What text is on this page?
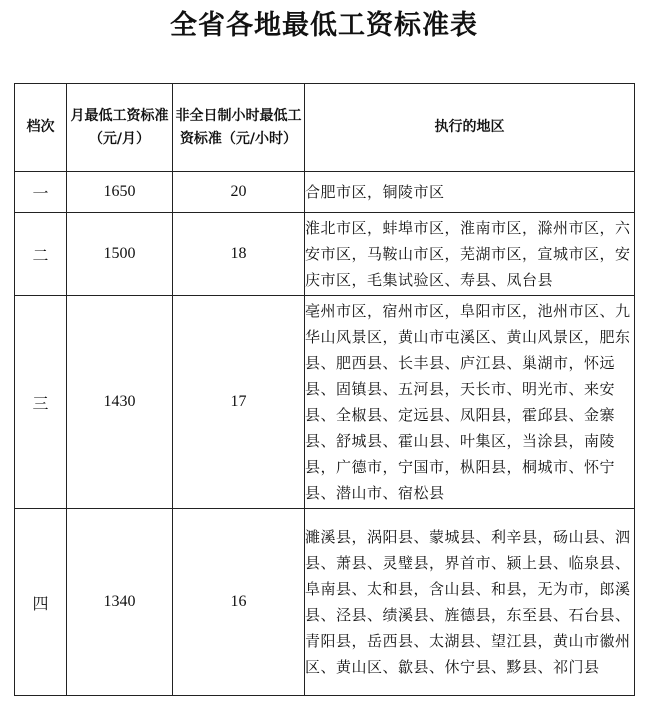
全省各地最低工资标准表
档次	月最低工资标准（元/月）	非全日制小时最低工资标准（元/小时）	执行的地区
一	1650	20	合肥市区，铜陵市区
二	1500	18	淮北市区，蚌埠市区，淮南市区，滁州市区，六安市区，马鞍山市区，芜湖市区，宣城市区，安庆市区，毛集试验区、寿县、凤台县
三	1430	17	亳州市区，宿州市区，阜阳市区，池州市区、九华山风景区，黄山市屯溪区、黄山风景区，肥东县、肥西县、长丰县、庐江县、巢湖市，怀远县、固镇县、五河县，天长市、明光市、来安县、全椒县、定远县、凤阳县，霍邱县、金寨县、舒城县、霍山县、叶集区，当涂县，南陵县，广德市，宁国市，枞阳县，桐城市、怀宁县、潜山市、宿松县
四	1340	16	濉溪县，涡阳县、蒙城县、利辛县，砀山县、泗县、萧县、灵璧县，界首市、颍上县、临泉县、阜南县、太和县，含山县、和县，无为市，郎溪县、泾县、绩溪县、旌德县，东至县、石台县、青阳县，岳西县、太湖县、望江县，黄山市徽州区、黄山区、歙县、休宁县、黟县、祁门县
